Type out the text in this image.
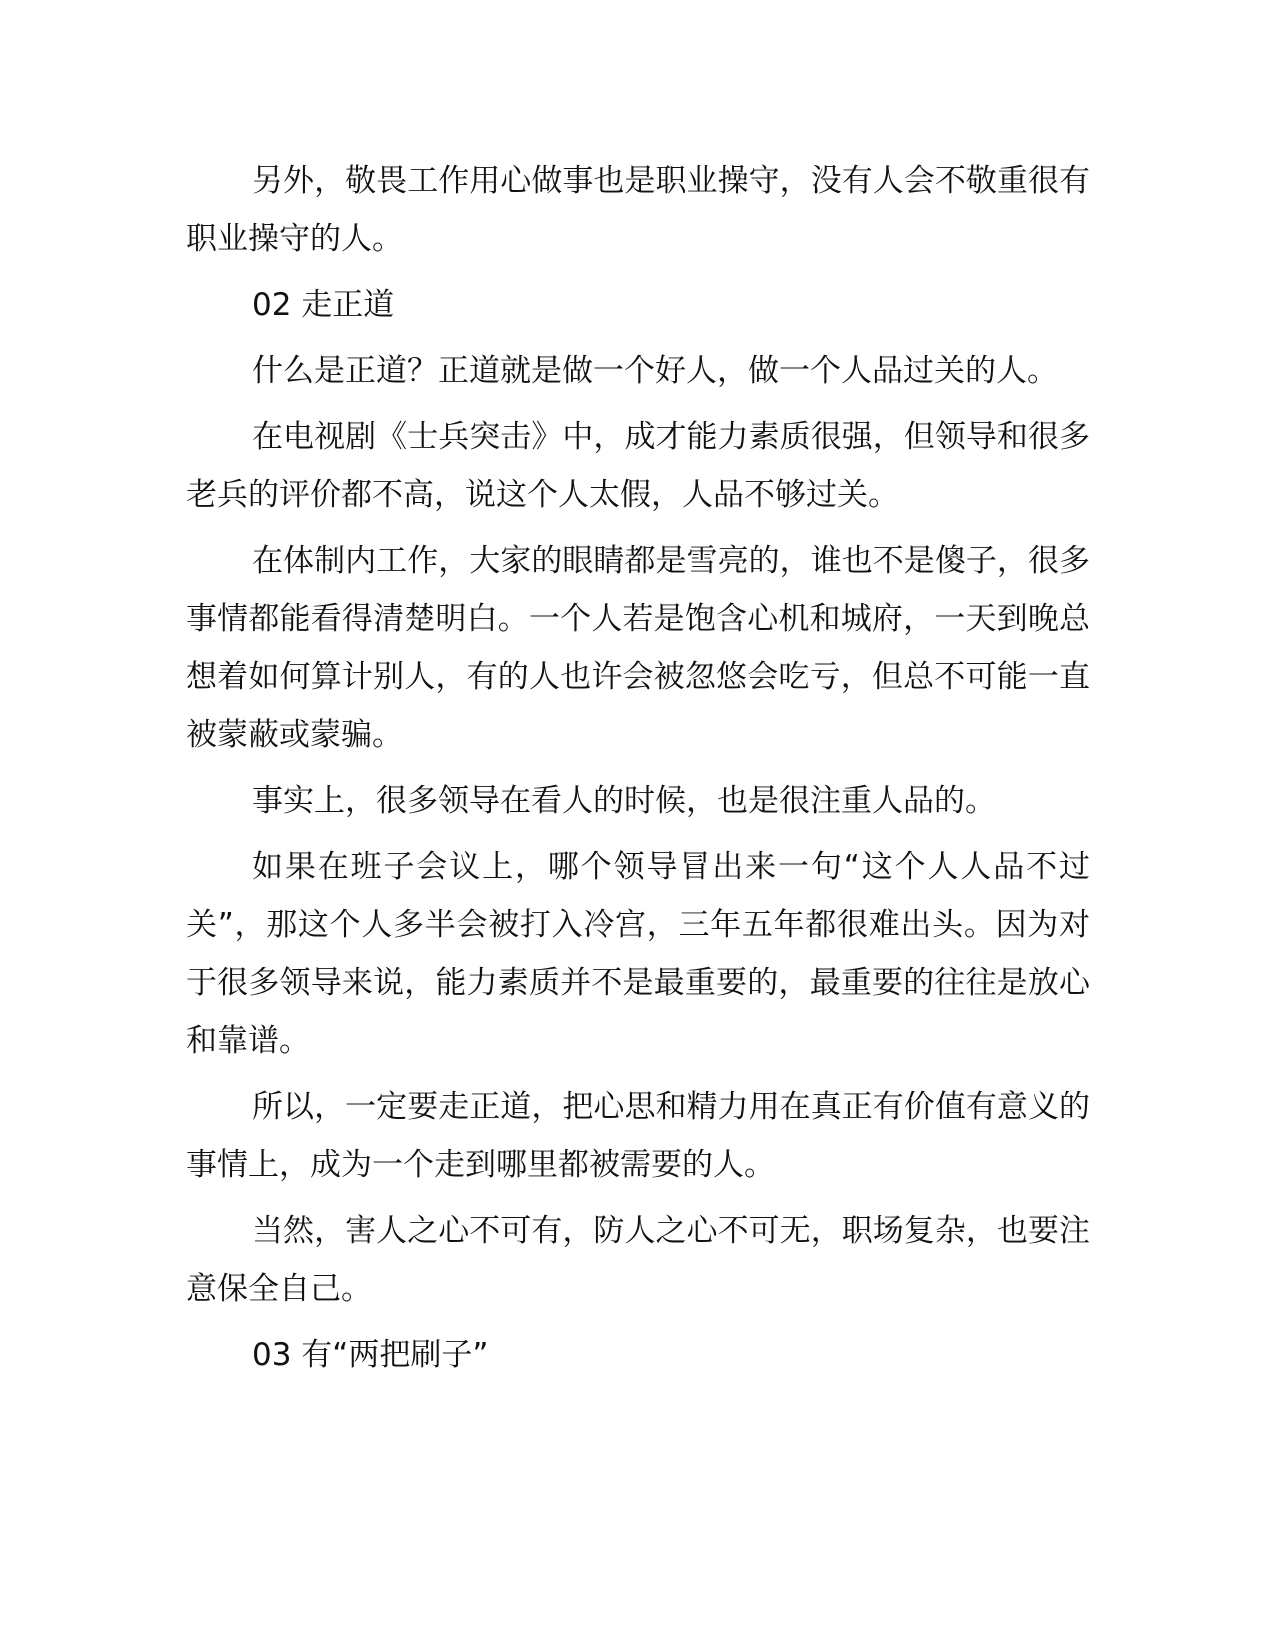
另外，敬畏工作用心做事也是职业操守，没有人会不敬重很有职业操守的人。

02 走正道

什么是正道？正道就是做一个好人，做一个人品过关的人。

在电视剧《士兵突击》中，成才能力素质很强，但领导和很多老兵的评价都不高，说这个人太假，人品不够过关。

在体制内工作，大家的眼睛都是雪亮的，谁也不是傻子，很多事情都能看得清楚明白。一个人若是饱含心机和城府，一天到晚总想着如何算计别人，有的人也许会被忽悠会吃亏，但总不可能一直被蒙蔽或蒙骗。

事实上，很多领导在看人的时候，也是很注重人品的。

如果在班子会议上，哪个领导冒出来一句“这个人人品不过关”，那这个人多半会被打入冷宫，三年五年都很难出头。因为对于很多领导来说，能力素质并不是最重要的，最重要的往往是放心和靠谱。

所以，一定要走正道，把心思和精力用在真正有价值有意义的事情上，成为一个走到哪里都被需要的人。

当然，害人之心不可有，防人之心不可无，职场复杂，也要注意保全自己。

03 有“两把刷子”
